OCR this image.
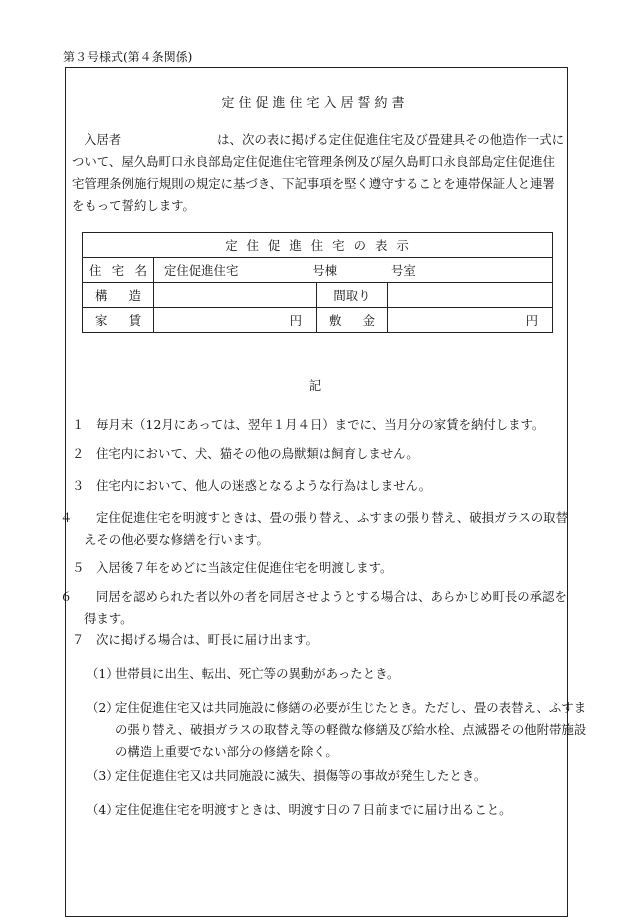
第３号様式(第４条関係)
定住促進住宅入居誓約書

入居者	は、次の表に掲げる定住促進住宅及び畳建具その他造作一式について、屋久島町口永良部島定住促進住宅管理条例及び屋久島町口永良部島定住促進住宅管理条例施行規則の規定に基づき、下記事項を堅く遵守することを連帯保証人と連署をもって誓約します。

定住促進住宅の表示			

住 宅 名	定住促進住宅 号棟 号室		

構 造		間取り	

家 賃	円	敷 金	円
記

１ 毎月末（12月にあっては、翌年１月４日）までに、当月分の家賃を納付します。

２ 住宅内において、犬、猫その他の鳥獣類は飼育しません。

３ 住宅内において、他人の迷惑となるような行為はしません。

４ 定住促進住宅を明渡すときは、畳の張り替え、ふすまの張り替え、破損ガラスの取替えその他必要な修繕を行います。

５ 入居後７年をめどに当該定住促進住宅を明渡します。

６ 同居を認められた者以外の者を同居させようとする場合は、あらかじめ町長の承認を得ます。

７ 次に掲げる場合は、町長に届け出ます。

（1）世帯員に出生、転出、死亡等の異動があったとき。

（2）定住促進住宅又は共同施設に修繕の必要が生じたとき。ただし、畳の表替え、ふすまの張り替え、破損ガラスの取替え等の軽微な修繕及び給水栓、点滅器その他附帯施設の構造上重要でない部分の修繕を除く。

（3）定住促進住宅又は共同施設に滅失、損傷等の事故が発生したとき。

（4）定住促進住宅を明渡すときは、明渡す日の７日前までに届け出ること。
